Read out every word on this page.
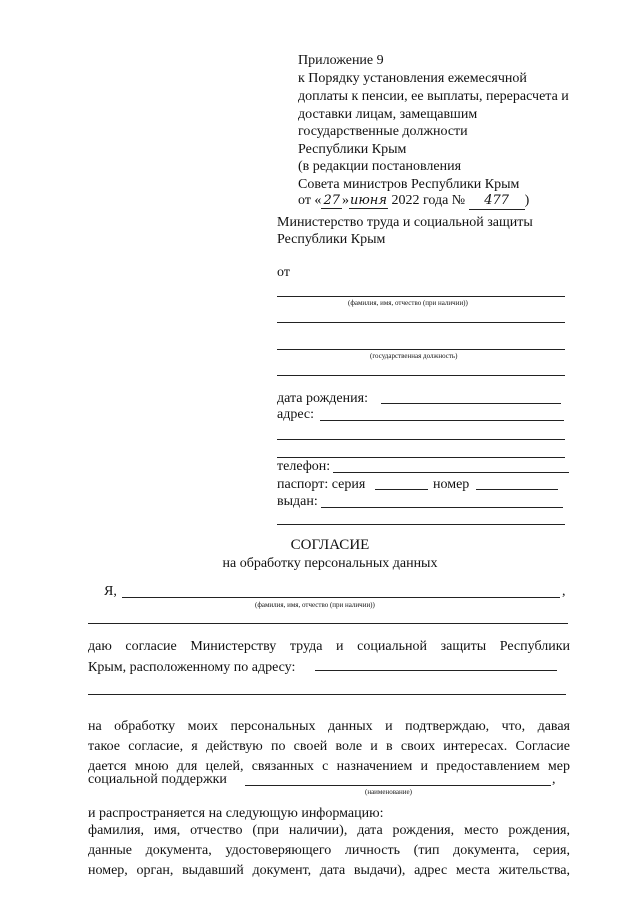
Приложение 9
к Порядку установления ежемесячной
доплаты к пенсии, ее выплаты, перерасчета и
доставки лицам, замещавшим
государственные должности
Республики Крым
(в редакции постановления
Совета министров Республики Крым
от « 27 »июня 2022 года № 477 )
Министерство труда и социальной защиты
Республики Крым
от
(фамилия, имя, отчество (при наличии))
(государственная должность)
дата рождения:
адрес:
телефон:
паспорт: серия	номер
выдан:
СОГЛАСИЕ
на обработку персональных данных
Я,	,
(фамилия, имя, отчество (при наличии))
даю согласие Министерству труда и социальной защиты Республики
Крым, расположенному по адресу:
на обработку моих персональных данных и подтверждаю, что, давая
такое согласие, я действую по своей воле и в своих интересах. Согласие
дается мною для целей, связанных с назначением и предоставлением мер
социальной поддержки	,
(наименование)
и распространяется на следующую информацию:
фамилия, имя, отчество (при наличии), дата рождения, место рождения,
данные документа, удостоверяющего личность (тип документа, серия,
номер, орган, выдавший документ, дата выдачи), адрес места жительства,
